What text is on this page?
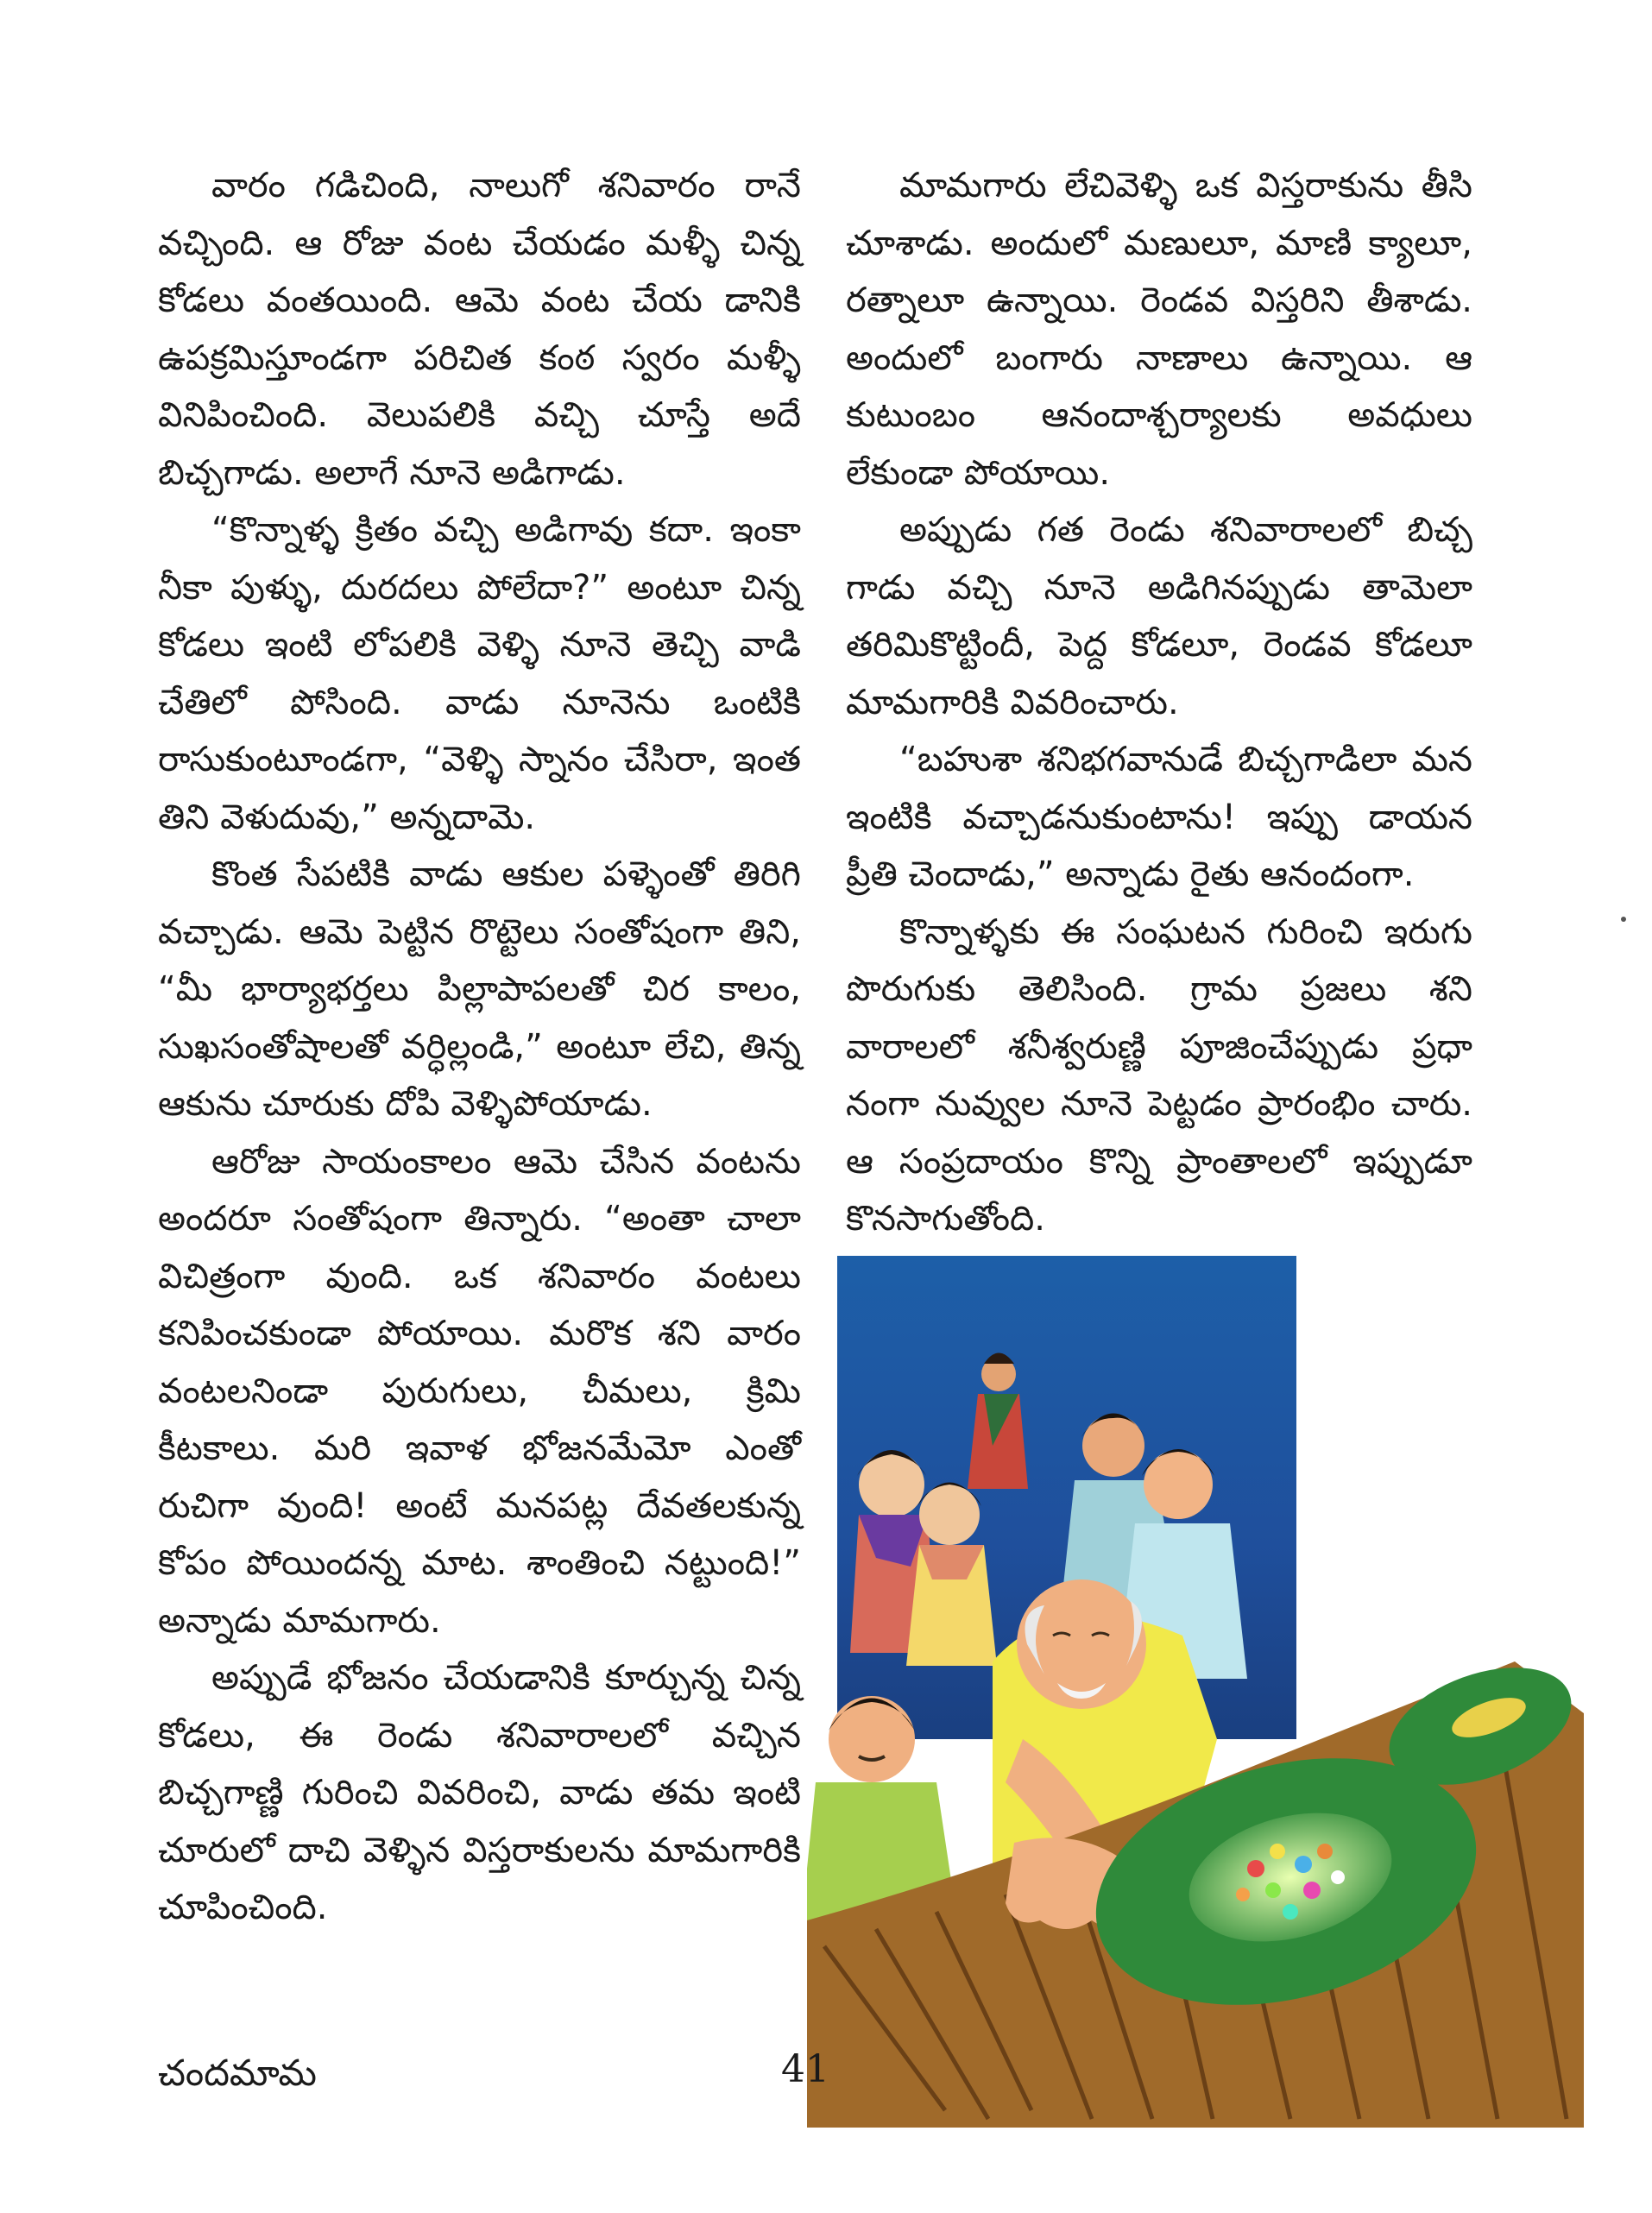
వారం గడిచింది, నాలుగో శనివారం రానే వచ్చింది. ఆ రోజు వంట చేయడం మళ్ళీ చిన్న కోడలు వంతయింది. ఆమె వంట చేయ డానికి ఉపక్రమిస్తూండగా పరిచిత కంఠ స్వరం మళ్ళీ వినిపించింది. వెలుపలికి వచ్చి చూస్తే అదే బిచ్చగాడు. అలాగే నూనె అడిగాడు.

“కొన్నాళ్ళ క్రితం వచ్చి అడిగావు కదా. ఇంకా నీకా పుళ్ళు, దురదలు పోలేదా?” అంటూ చిన్న కోడలు ఇంటి లోపలికి వెళ్ళి నూనె తెచ్చి వాడి చేతిలో పోసింది. వాడు నూనెను ఒంటికి రాసుకుంటూండగా, “వెళ్ళి స్నానం చేసిరా, ఇంత తిని వెళుదువు,” అన్నదామె.

కొంత సేపటికి వాడు ఆకుల పళ్ళెంతో తిరిగి వచ్చాడు. ఆమె పెట్టిన రొట్టెలు సంతోషంగా తిని, “మీ భార్యాభర్తలు పిల్లాపాపలతో చిర కాలం, సుఖసంతోషాలతో వర్ధిల్లండి,” అంటూ లేచి, తిన్న ఆకును చూరుకు దోపి వెళ్ళిపోయాడు.

ఆరోజు సాయంకాలం ఆమె చేసిన వంటను అందరూ సంతోషంగా తిన్నారు. “అంతా చాలా విచిత్రంగా వుంది. ఒక శనివారం వంటలు కనిపించకుండా పోయాయి. మరొక శని వారం వంటలనిండా పురుగులు, చీమలు, క్రిమి కీటకాలు. మరి ఇవాళ భోజనమేమో ఎంతో రుచిగా వుంది! అంటే మనపట్ల దేవతలకున్న కోపం పోయిందన్న మాట. శాంతించి నట్టుంది!” అన్నాడు మామగారు.

అప్పుడే భోజనం చేయడానికి కూర్చున్న చిన్న కోడలు, ఈ రెండు శనివారాలలో వచ్చిన బిచ్చగాణ్ణి గురించి వివరించి, వాడు తమ ఇంటి చూరులో దాచి వెళ్ళిన విస్తరాకులను మామగారికి చూపించింది.

మామగారు లేచివెళ్ళి ఒక విస్తరాకును తీసి చూశాడు. అందులో మణులూ, మాణి క్యాలూ, రత్నాలూ ఉన్నాయి. రెండవ విస్తరిని తీశాడు. అందులో బంగారు నాణాలు ఉన్నాయి. ఆ కుటుంబం ఆనందాశ్చర్యాలకు అవధులు లేకుండా పోయాయి.

అప్పుడు గత రెండు శనివారాలలో బిచ్చ గాడు వచ్చి నూనె అడిగినప్పుడు తామెలా తరిమికొట్టిందీ, పెద్ద కోడలూ, రెండవ కోడలూ మామగారికి వివరించారు.

“బహుశా శనిభగవానుడే బిచ్చగాడిలా మన ఇంటికి వచ్చాడనుకుంటాను! ఇప్పు డాయన ప్రీతి చెందాడు,” అన్నాడు రైతు ఆనందంగా.

కొన్నాళ్ళకు ఈ సంఘటన గురించి ఇరుగు పొరుగుకు తెలిసింది. గ్రామ ప్రజలు శని వారాలలో శనీశ్వరుణ్ణి పూజించేప్పుడు ప్రధా నంగా నువ్వుల నూనె పెట్టడం ప్రారంభిం చారు. ఆ సంప్రదాయం కొన్ని ప్రాంతాలలో ఇప్పుడూ కొనసాగుతోంది.

చందమామ	41
